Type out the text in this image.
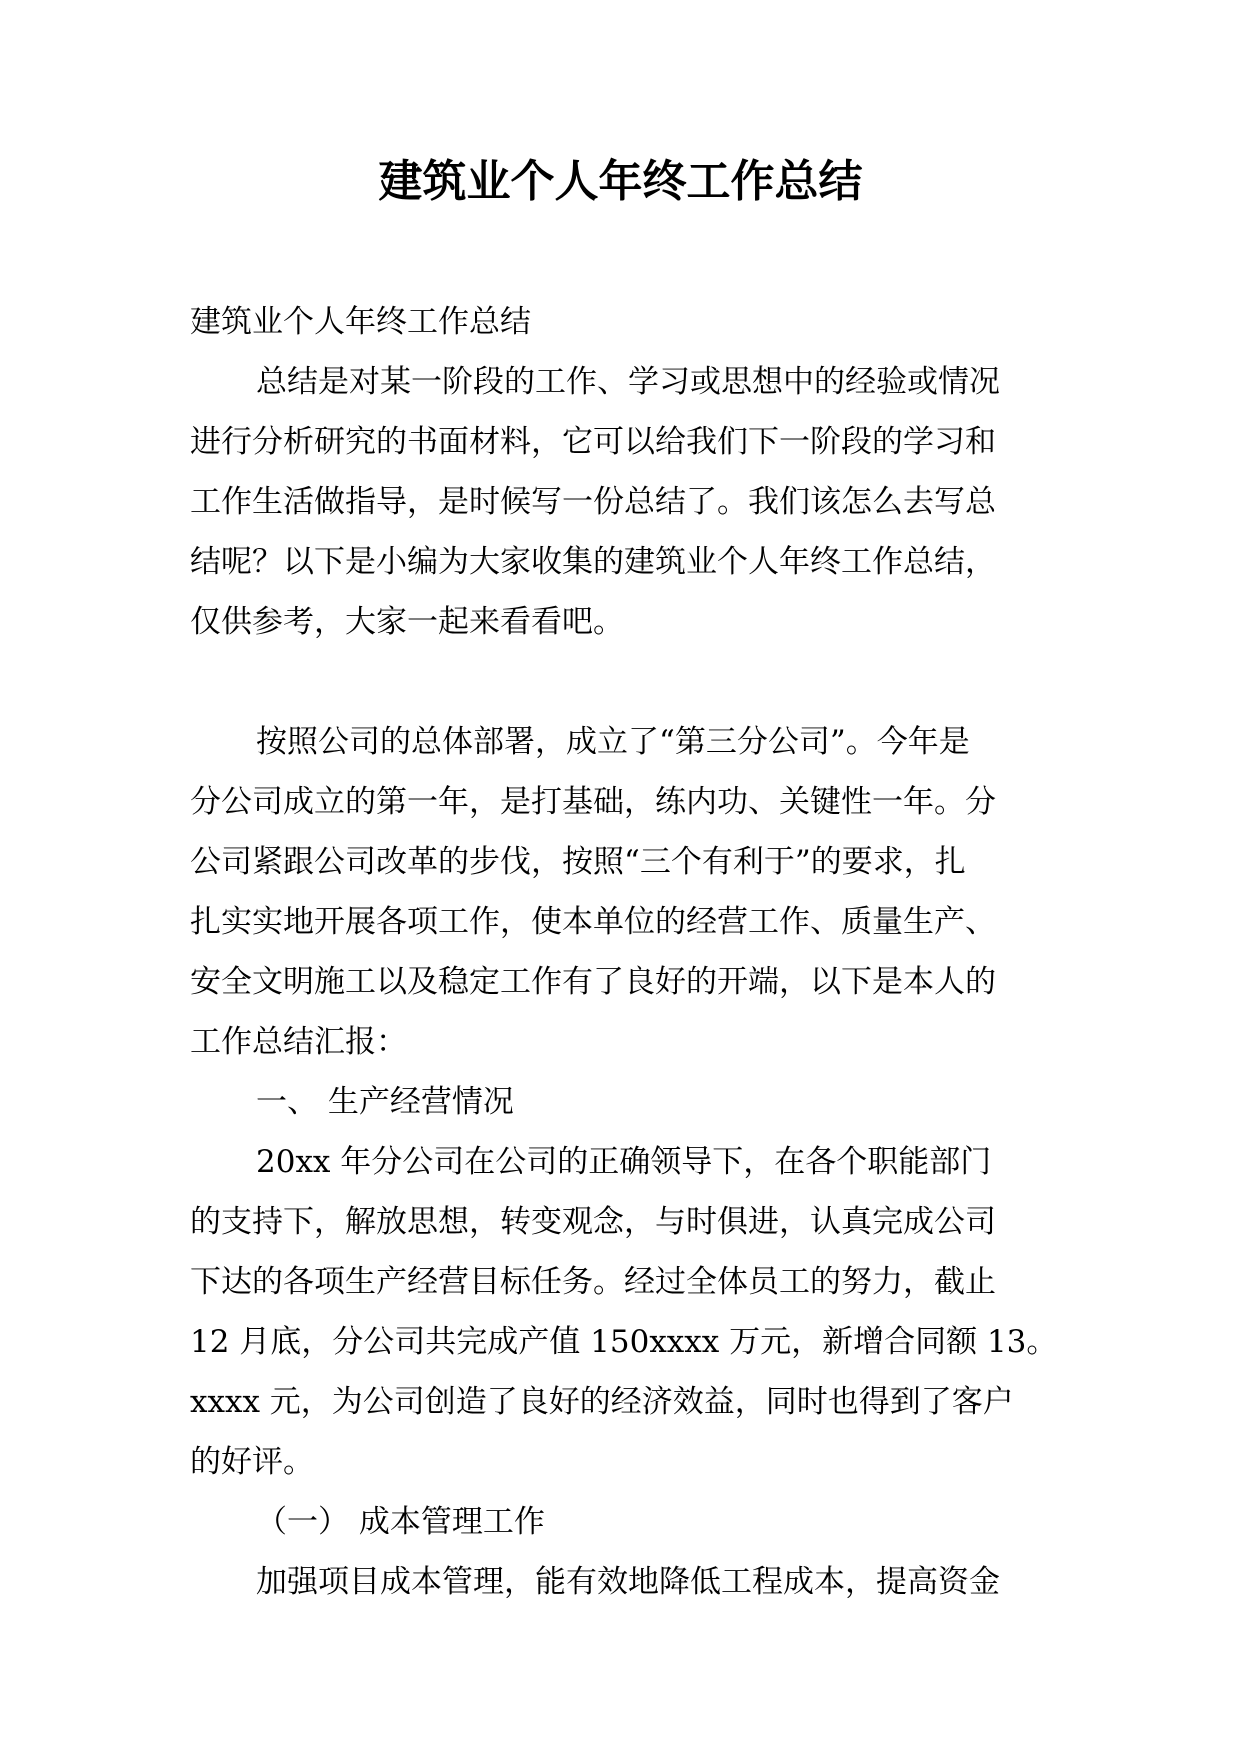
建筑业个人年终工作总结
建筑业个人年终工作总结
总结是对某一阶段的工作、学习或思想中的经验或情况
进行分析研究的书面材料，它可以给我们下一阶段的学习和
工作生活做指导，是时候写一份总结了。我们该怎么去写总
结呢？以下是小编为大家收集的建筑业个人年终工作总结，
仅供参考，大家一起来看看吧。
按照公司的总体部署，成立了“第三分公司”。今年是
分公司成立的第一年，是打基础，练内功、关键性一年。分
公司紧跟公司改革的步伐，按照“三个有利于”的要求，扎
扎实实地开展各项工作，使本单位的经营工作、质量生产、
安全文明施工以及稳定工作有了良好的开端，以下是本人的
工作总结汇报：
一、 生产经营情况
20xx 年分公司在公司的正确领导下，在各个职能部门
的支持下，解放思想，转变观念，与时俱进，认真完成公司
下达的各项生产经营目标任务。经过全体员工的努力，截止
12 月底，分公司共完成产值 150xxxx 万元，新增合同额 13。
xxxx 元，为公司创造了良好的经济效益，同时也得到了客户
的好评。
（一） 成本管理工作
加强项目成本管理，能有效地降低工程成本，提高资金
